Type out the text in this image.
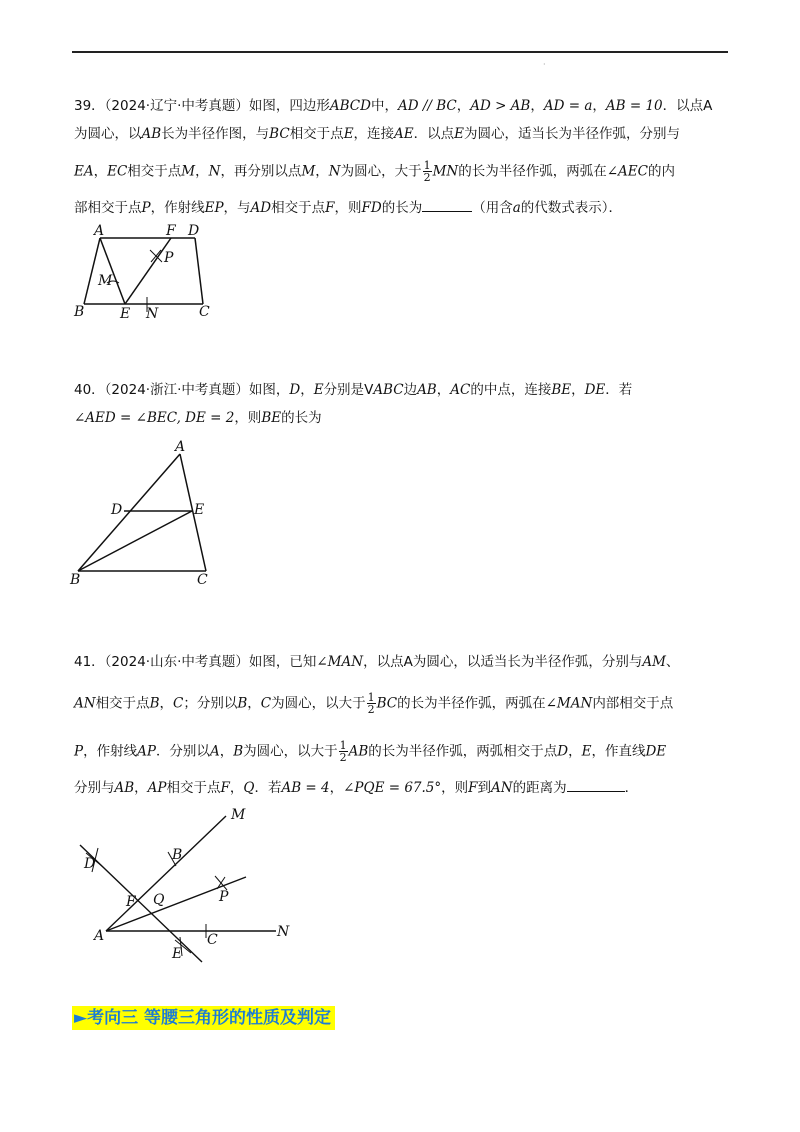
·
39．（2024·辽宁·中考真题）如图，四边形ABCD中，AD // BC，AD > AB，AD = a，AB = 10．以点A
为圆心，以AB长为半径作图，与BC相交于点E，连接AE．以点E为圆心，适当长为半径作弧，分别与
EA，EC相交于点M，N，再分别以点M，N为圆心，大于 $\frac{1}{2}$ MN的长为半径作弧，两弧在∠AEC的内
部相交于点P，作射线EP，与AD相交于点F，则FD的长为	（用含a的代数式表示）．
40．（2024·浙江·中考真题）如图，D，E分别是VABC边AB，AC的中点，连接BE，DE．若
∠AED = ∠BEC, DE = 2，则BE的长为
41．（2024·山东·中考真题）如图，已知∠MAN，以点A为圆心，以适当长为半径作弧，分别与AM、
AN相交于点B，C；分别以B，C为圆心，以大于 $\frac{1}{2}$ BC的长为半径作弧，两弧在∠MAN内部相交于点
P，作射线AP．分别以A，B为圆心，以大于 $\frac{1}{2}$ AB的长为半径作弧，两弧相交于点D，E，作直线DE
分别与AB，AP相交于点F，Q．若AB = 4，∠PQE = 67.5°，则F到AN的距离为	．
A	F D
P
M
B	E N	C
A
D	E
B	C
M
D
B
F Q	P
A
E
C	N
►考向三 等腰三角形的性质及判定
